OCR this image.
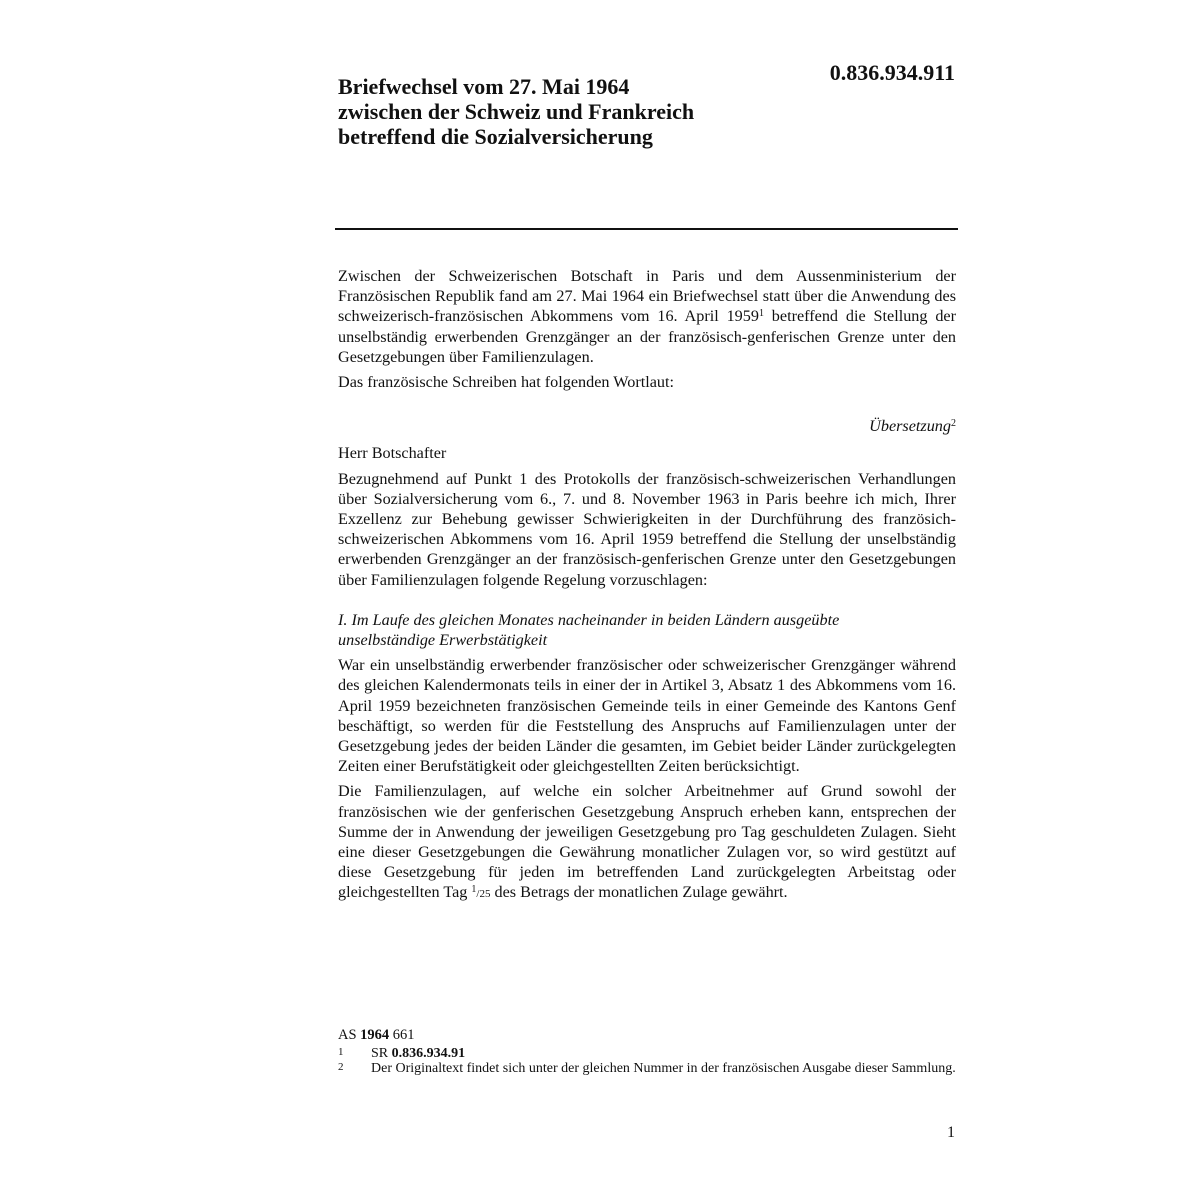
Briefwechsel vom 27. Mai 1964
zwischen der Schweiz und Frankreich
betreffend die Sozialversicherung
0.836.934.911

Zwischen der Schweizerischen Botschaft in Paris und dem Aussenministerium der Französischen Republik fand am 27. Mai 1964 ein Briefwechsel statt über die Anwendung des schweizerisch-französischen Abkommens vom 16. April 1959$^1$ betreffend die Stellung der unselbständig erwerbenden Grenzgänger an der französisch-genferischen Grenze unter den Gesetzgebungen über Familienzulagen.

Das französische Schreiben hat folgenden Wortlaut:

Übersetzung$^2$

Herr Botschafter

Bezugnehmend auf Punkt 1 des Protokolls der französisch-schweizerischen Verhandlungen über Sozialversicherung vom 6., 7. und 8. November 1963 in Paris beehre ich mich, Ihrer Exzellenz zur Behebung gewisser Schwierigkeiten in der Durchführung des französich-schweizerischen Abkommens vom 16. April 1959 betreffend die Stellung der unselbständig erwerbenden Grenzgänger an der französisch-genferischen Grenze unter den Gesetzgebungen über Familienzulagen folgende Regelung vorzuschlagen:

I. Im Laufe des gleichen Monates nacheinander in beiden Ländern ausgeübte
unselbständige Erwerbstätigkeit

War ein unselbständig erwerbender französischer oder schweizerischer Grenzgänger während des gleichen Kalendermonats teils in einer der in Artikel 3, Absatz 1 des Abkommens vom 16. April 1959 bezeichneten französischen Gemeinde teils in einer Gemeinde des Kantons Genf beschäftigt, so werden für die Feststellung des Anspruchs auf Familienzulagen unter der Gesetzgebung jedes der beiden Länder die gesamten, im Gebiet beider Länder zurückgelegten Zeiten einer Berufstätigkeit oder gleichgestellten Zeiten berücksichtigt.

Die Familienzulagen, auf welche ein solcher Arbeitnehmer auf Grund sowohl der französischen wie der genferischen Gesetzgebung Anspruch erheben kann, entsprechen der Summe der in Anwendung der jeweiligen Gesetzgebung pro Tag geschuldeten Zulagen. Sieht eine dieser Gesetzgebungen die Gewährung monatlicher Zulagen vor, so wird gestützt auf diese Gesetzgebung für jeden im betreffenden Land zurückgelegten Arbeitstag oder gleichgestellten Tag $^1$/25 des Betrags der monatlichen Zulage gewährt.

AS 1964 661
1	SR 0.836.934.91
2	Der Originaltext findet sich unter der gleichen Nummer in der französischen Ausgabe dieser Sammlung.
1
